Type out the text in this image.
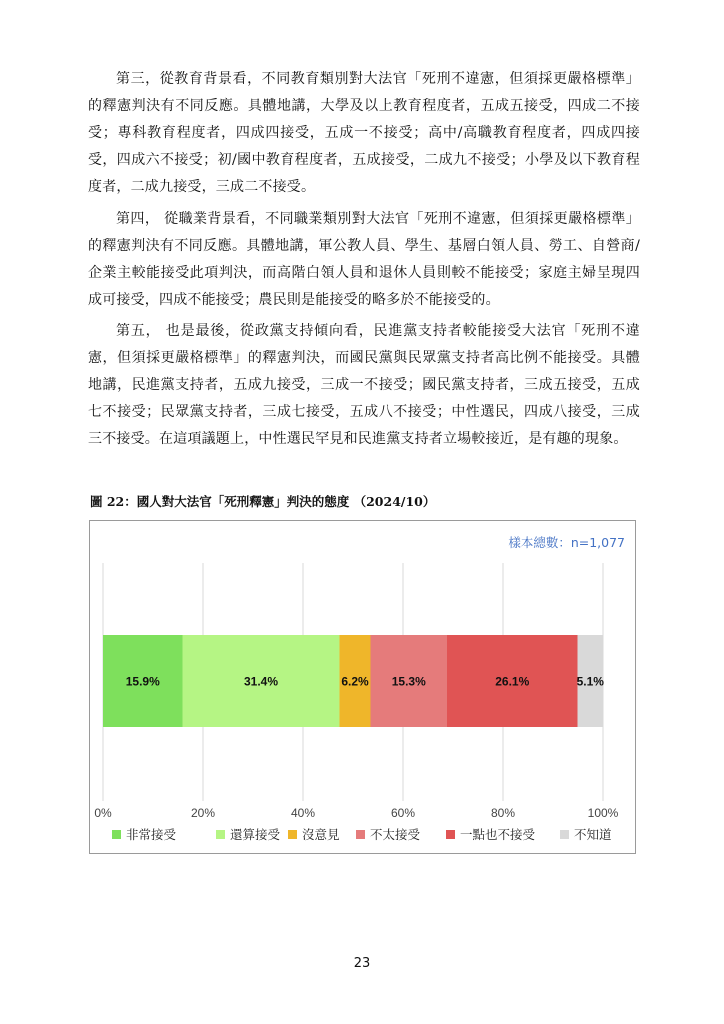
第三，從教育背景看，不同教育類別對大法官「死刑不違憲，但須採更嚴格標準」的釋憲判決有不同反應。具體地講，大學及以上教育程度者，五成五接受，四成二不接受；專科教育程度者，四成四接受，五成一不接受；高中/高職教育程度者，四成四接受，四成六不接受；初/國中教育程度者，五成接受，二成九不接受；小學及以下教育程度者，二成九接受，三成二不接受。

第四， 從職業背景看，不同職業類別對大法官「死刑不違憲，但須採更嚴格標準」的釋憲判決有不同反應。具體地講，軍公教人員、學生、基層白領人員、勞工、自營商/企業主較能接受此項判決，而高階白領人員和退休人員則較不能接受；家庭主婦呈現四成可接受，四成不能接受；農民則是能接受的略多於不能接受的。

第五， 也是最後，從政黨支持傾向看，民進黨支持者較能接受大法官「死刑不違憲，但須採更嚴格標準」的釋憲判決，而國民黨與民眾黨支持者高比例不能接受。具體地講，民進黨支持者，五成九接受，三成一不接受；國民黨支持者，三成五接受，五成七不接受；民眾黨支持者，三成七接受，五成八不接受；中性選民，四成八接受，三成三不接受。在這項議題上，中性選民罕見和民進黨支持者立場較接近，是有趣的現象。

圖 22：國人對大法官「死刑釋憲」判決的態度 （2024/10）
樣本總數：n=1,077
0%	20%	40%	60%	80%	100%
15.9%	31.4%	6.2% 15.3%	26.1%	5.1%
非常接受	還算接受 沒意見 不太接受	一點也不接受	不知道
23
